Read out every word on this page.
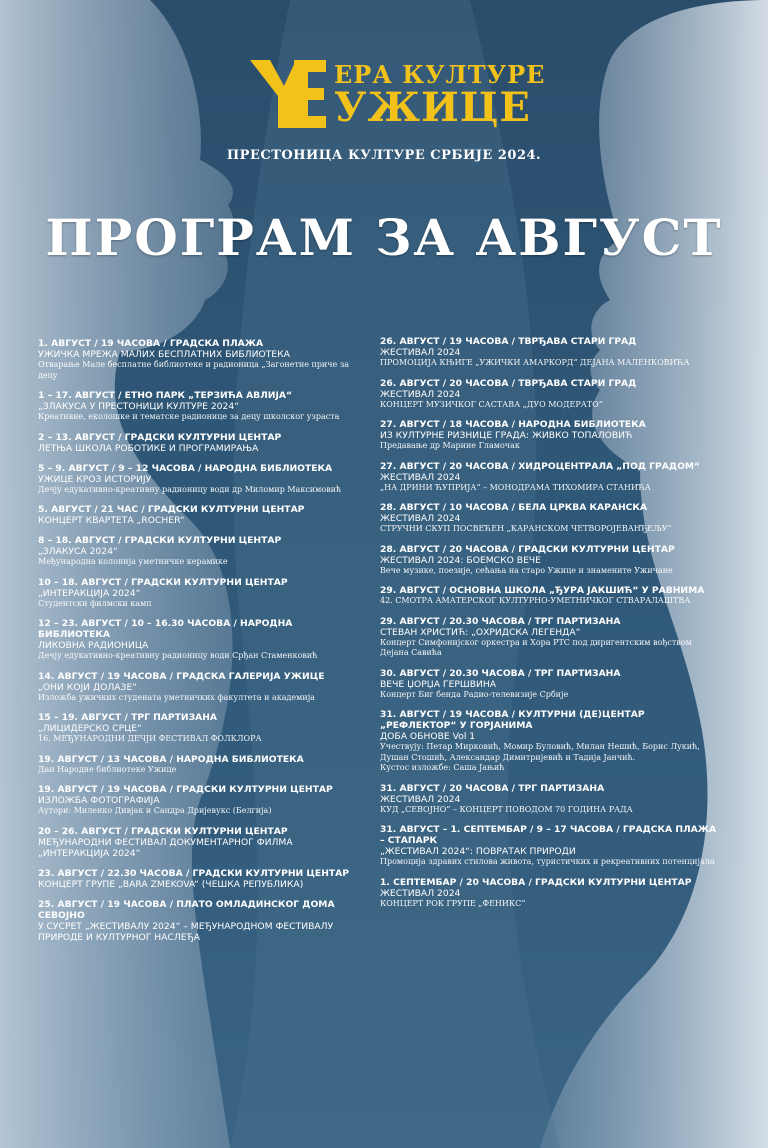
ЕРА КУЛТУРЕ
УЖИЦЕ
ПРЕСТОНИЦА КУЛТУРЕ СРБИЈЕ 2024.
ПРОГРАМ ЗА АВГУСТ
1. АВГУСТ / 19 ЧАСОВА / ГРАДСКА ПЛАЖА
УЖИЧКА МРЕЖА МАЛИХ БЕСПЛАТНИХ БИБЛИОТЕКА
Отварање Мале бесплатне библиотеке и радионица „Загонетне приче за децу
1 – 17. АВГУСТ / ЕТНО ПАРК „ТЕРЗИЋА АВЛИЈА“
„ЗЛАКУСА У ПРЕСТОНИЦИ КУЛТУРЕ 2024“
Креативне, еколошке и тематске радионице за децу школског узраста
2 – 13. АВГУСТ / ГРАДСКИ КУЛТУРНИ ЦЕНТАР
ЛЕТЊА ШКОЛА РОБОТИКЕ И ПРОГРАМИРАЊА
5 – 9. АВГУСТ / 9 – 12 ЧАСОВА / НАРОДНА БИБЛИОТЕКА
УЖИЦЕ КРОЗ ИСТОРИЈУ
Дечју едукативно-креативну радионицу води др Миломир Максимовић
5. АВГУСТ / 21 ЧАС / ГРАДСКИ КУЛТУРНИ ЦЕНТАР
КОНЦЕРТ КВАРТЕТА „ROCHER“
8 – 18. АВГУСТ / ГРАДСКИ КУЛТУРНИ ЦЕНТАР
„ЗЛАКУСА 2024“
Међународна колонија уметничке керамике
10 – 18. АВГУСТ / ГРАДСКИ КУЛТУРНИ ЦЕНТАР
„ИНТЕРАКЦИЈА 2024“
Студентски филмски камп
12 – 23. АВГУСТ / 10 – 16.30 ЧАСОВА / НАРОДНА БИБЛИОТЕКА
ЛИКОВНА РАДИОНИЦА
Дечју едукативно-креативну радионицу води Срђан Стаменковић
14. АВГУСТ / 19 ЧАСОВА / ГРАДСКА ГАЛЕРИЈА УЖИЦЕ
„ОНИ КОЈИ ДОЛАЗЕ“
Изложба ужичких студената уметничких факултета и академија
15 – 19. АВГУСТ / ТРГ ПАРТИЗАНА
„ЛИЦИДЕРСКО СРЦЕ“
16. МЕЂУНАРОДНИ ДЕЧЈИ ФЕСТИВАЛ ФОЛКЛОРА
19. АВГУСТ / 13 ЧАСОВА / НАРОДНА БИБЛИОТЕКА
Дан Народне библиотеке Ужице
19. АВГУСТ / 19 ЧАСОВА / ГРАДСКИ КУЛТУРНИ ЦЕНТАР
ИЗЛОЖБА ФОТОГРАФИЈА
Аутори: Миленко Дивјак и Сандра Дријевукс (Белгија)
20 – 26. АВГУСТ / ГРАДСКИ КУЛТУРНИ ЦЕНТАР
МЕЂУНАРОДНИ ФЕСТИВАЛ ДОКУМЕНТАРНОГ ФИЛМА „ИНТЕРАКЦИЈА 2024“
23. АВГУСТ / 22.30 ЧАСОВА / ГРАДСКИ КУЛТУРНИ ЦЕНТАР
КОНЦЕРТ ГРУПЕ „BARA ZMEKOVA“ (ЧЕШКА РЕПУБЛИКА)
25. АВГУСТ / 19 ЧАСОВА / ПЛАТО ОМЛАДИНСКОГ ДОМА СЕВОЈНО
У СУСРЕТ „ЖЕСТИВАЛУ 2024“ – МЕЂУНАРОДНОМ ФЕСТИВАЛУ ПРИРОДЕ И КУЛТУРНОГ НАСЛЕЂА
26. АВГУСТ / 19 ЧАСОВА / ТВРЂАВА СТАРИ ГРАД
ЖЕСТИВАЛ 2024
ПРОМОЦИЈА КЊИГЕ „УЖИЧКИ АМАРКОРД“ ДЕЈАНА МАЛЕНКОВИЋА
26. АВГУСТ / 20 ЧАСОВА / ТВРЂАВА СТАРИ ГРАД
ЖЕСТИВАЛ 2024
КОНЦЕРТ МУЗИЧКОГ САСТАВА „ДУО МОДЕРАТО“
27. АВГУСТ / 18 ЧАСОВА / НАРОДНА БИБЛИОТЕКА
ИЗ КУЛТУРНЕ РИЗНИЦЕ ГРАДА: ЖИВКО ТОПАЛОВИЋ
Предавање др Марине Гламочак
27. АВГУСТ / 20 ЧАСОВА / ХИДРОЦЕНТРАЛА „ПОД ГРАДОМ“
ЖЕСТИВАЛ 2024
„НА ДРИНИ ЋУПРИЈА“ – МОНОДРАМА ТИХОМИРА СТАНИЋА
28. АВГУСТ / 10 ЧАСОВА / БЕЛА ЦРКВА КАРАНСКА
ЖЕСТИВАЛ 2024
СТРУЧНИ СКУП ПОСВЕЋЕН „КАРАНСКОМ ЧЕТВОРОЈЕВАНЂЕЉУ“
28. АВГУСТ / 20 ЧАСОВА / ГРАДСКИ КУЛТУРНИ ЦЕНТАР
ЖЕСТИВАЛ 2024: БОЕМСКО ВЕЧЕ
Вече музике, поезије, сећања на старо Ужице и знамените Ужичане
29. АВГУСТ / ОСНОВНА ШКОЛА „ЂУРА ЈАКШИЋ“ У РАВНИМА
42. СМОТРА АМАТЕРСКОГ КУЛТУРНО-УМЕТНИЧКОГ СТВАРАЛАШТВА
29. АВГУСТ / 20.30 ЧАСОВА / ТРГ ПАРТИЗАНА
СТЕВАН ХРИСТИЋ: „ОХРИДСКА ЛЕГЕНДА“
Концерт Симфонијског оркестра и Хора РТС под диригентским вођством Дејана Савића
30. АВГУСТ / 20.30 ЧАСОВА / ТРГ ПАРТИЗАНА
ВЕЧЕ ЏОРЏА ГЕРШВИНА
Концерт Биг бенда Радио-телевизије Србије
31. АВГУСТ / 19 ЧАСОВА / КУЛТУРНИ (ДЕ)ЦЕНТАР „РЕФЛЕКТОР“ У ГОРЈАНИМА
ДОБА ОБНОВЕ Vol 1
Учествују: Петар Мирковић, Момир Буловић, Милан Нешић, Борис Лукић, Душан Стошић, Александар Димитријевић и Тадија Јанчић.
Кустос изложбе: Саша Јањић
31. АВГУСТ / 20 ЧАСОВА / ТРГ ПАРТИЗАНА
ЖЕСТИВАЛ 2024
КУД „СЕВОЈНО“ – КОНЦЕРТ ПОВОДОМ 70 ГОДИНА РАДА
31. АВГУСТ – 1. СЕПТЕМБАР / 9 – 17 ЧАСОВА / ГРАДСКА ПЛАЖА – СТАПАРК
„ЖЕСТИВАЛ 2024“: ПОВРАТАК ПРИРОДИ
Промоција здравих стилова живота, туристичких и рекреативних потенцијала
1. СЕПТЕМБАР / 20 ЧАСОВА / ГРАДСКИ КУЛТУРНИ ЦЕНТАР
ЖЕСТИВАЛ 2024
КОНЦЕРТ РОК ГРУПЕ „ФЕНИКС“
